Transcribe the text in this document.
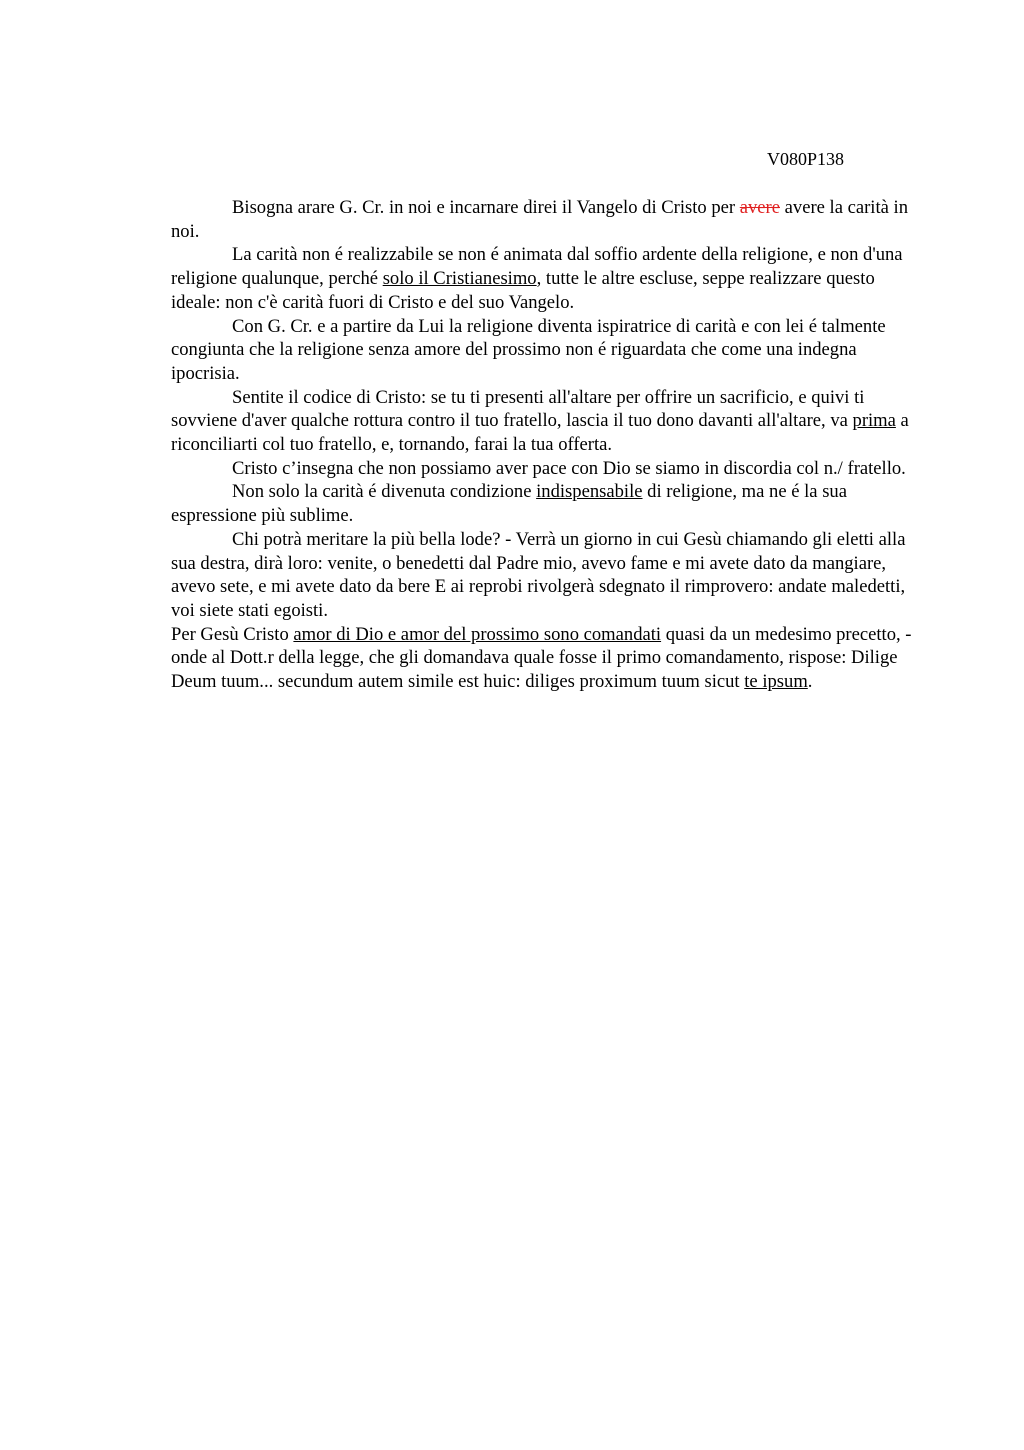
V080P138

Bisogna arare G. Cr. in noi e incarnare direi il Vangelo di Cristo per avere avere la carità in noi.

La carità non é realizzabile se non é animata dal soffio ardente della religione, e non d'una religione qualunque, perché solo il Cristianesimo, tutte le altre escluse, seppe realizzare questo ideale: non c'è carità fuori di Cristo e del suo Vangelo.

Con G. Cr. e a partire da Lui la religione diventa ispiratrice di carità e con lei é talmente congiunta che la religione senza amore del prossimo non é riguardata che come una indegna ipocrisia.

Sentite il codice di Cristo: se tu ti presenti all'altare per offrire un sacrificio, e quivi ti sovviene d'aver qualche rottura contro il tuo fratello, lascia il tuo dono davanti all'altare, va prima a riconciliarti col tuo fratello, e, tornando, farai la tua offerta.

Cristo c’insegna che non possiamo aver pace con Dio se siamo in discordia col n./ fratello.

Non solo la carità é divenuta condizione indispensabile di religione, ma ne é la sua espressione più sublime.

Chi potrà meritare la più bella lode? - Verrà un giorno in cui Gesù chiamando gli eletti alla sua destra, dirà loro: venite, o benedetti dal Padre mio, avevo fame e mi avete dato da mangiare, avevo sete, e mi avete dato da bere E ai reprobi rivolgerà sdegnato il rimprovero: andate maledetti, voi siete stati egoisti.

Per Gesù Cristo amor di Dio e amor del prossimo sono comandati quasi da un medesimo precetto, - onde al Dott.r della legge, che gli domandava quale fosse il primo comandamento, rispose: Dilige Deum tuum... secundum autem simile est huic: diliges proximum tuum sicut te ipsum.
